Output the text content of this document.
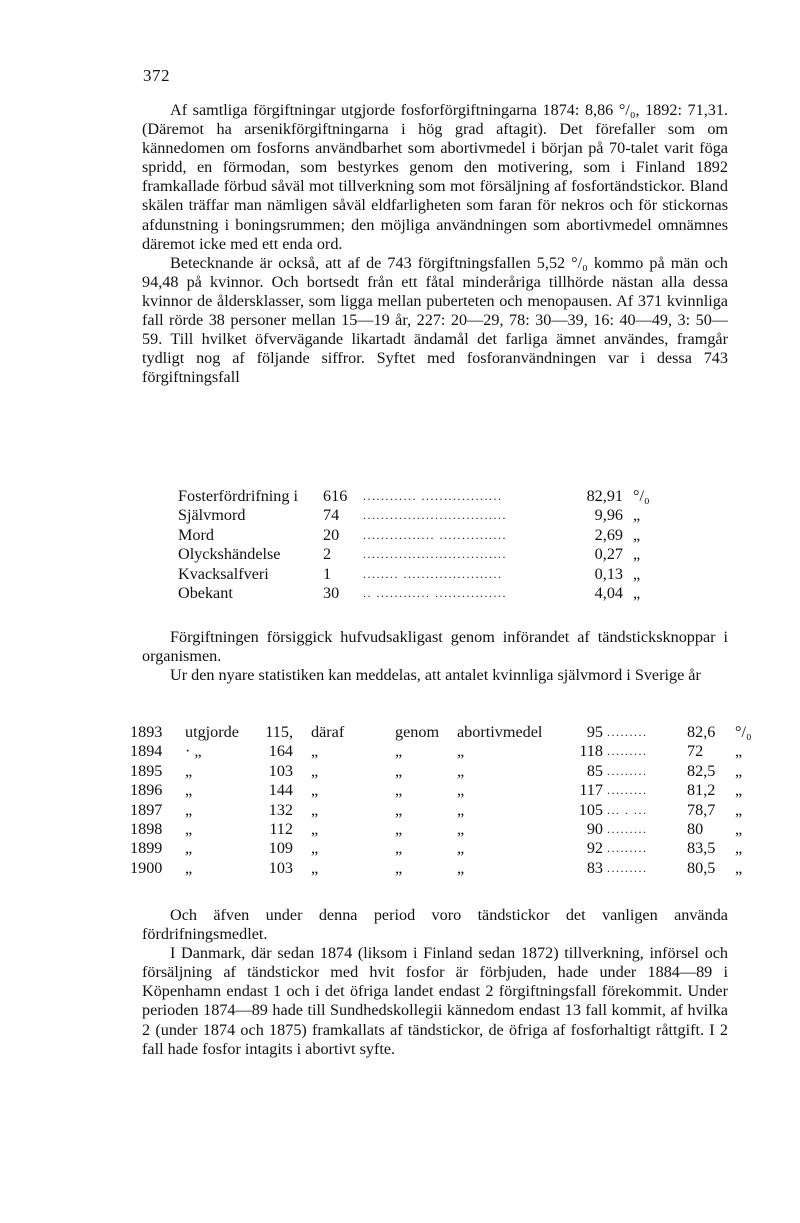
372

Af samtliga förgiftningar utgjorde fosforförgiftningarna 1874: 8,86 °/₀, 1892: 71,31. (Däremot ha arsenikförgiftningarna i hög grad aftagit). Det förefaller som om kännedomen om fosforns användbarhet som abortivmedel i början på 70-talet varit föga spridd, en förmodan, som bestyrkes genom den motivering, som i Finland 1892 framkallade förbud såväl mot tillverkning som mot försäljning af fosfortändstickor. Bland skälen träffar man nämligen såväl eldfarligheten som faran för nekros och för stickornas afdunstning i boningsrummen; den möjliga användningen som abortivmedel omnämnes däremot icke med ett enda ord.

Betecknande är också, att af de 743 förgiftningsfallen 5,52 °/₀ kommo på män och 94,48 på kvinnor. Och bortsedt från ett fåtal minderåriga tillhörde nästan alla dessa kvinnor de åldersklasser, som ligga mellan puberteten och menopausen. Af 371 kvinnliga fall rörde 38 personer mellan 15—19 år, 227: 20—29, 78: 30—39, 16: 40—49, 3: 50—59. Till hvilket öfvervägande likartadt ändamål det farliga ämnet användes, framgår tydligt nog af följande siffror. Syftet med fosforanvändningen var i dessa 743 förgiftningsfall

Fosterfördrifning i	616	............ ..................	82,91	°/₀
Självmord	74	................................	9,96	„
Mord	20	................ ...............	2,69	„
Olyckshändelse	2	................................	0,27	„
Kvacksalfveri	1	........ ......................	0,13	„
Obekant	30	.. ............ ................	4,04	„

Förgiftningen försiggick hufvudsakligast genom införandet af tändsticksknoppar i organismen.

Ur den nyare statistiken kan meddelas, att antalet kvinnliga självmord i Sverige år

1893	utgjorde	115,		däraf	genom	abortivmedel	95	.........	82,6	°/₀
1894	· „	164		„	„	„	118	.........	72	„
1895	„	103		„	„	„	85	.........	82,5	„
1896	„	144		„	„	„	117	.........	81,2	„
1897	„	132		„	„	„	105	... . ...	78,7	„
1898	„	112		„	„	„	90	.........	80	„
1899	„	109		„	„	„	92	.........	83,5	„
1900	„	103		„	„	„	83	.........	80,5	„

Och äfven under denna period voro tändstickor det vanligen använda fördrifningsmedlet.

I Danmark, där sedan 1874 (liksom i Finland sedan 1872) tillverkning, införsel och försäljning af tändstickor med hvit fosfor är förbjuden, hade under 1884—89 i Köpenhamn endast 1 och i det öfriga landet endast 2 förgiftningsfall förekommit. Under perioden 1874—89 hade till Sundhedskollegii kännedom endast 13 fall kommit, af hvilka 2 (under 1874 och 1875) framkallats af tändstickor, de öfriga af fosforhaltigt råttgift. I 2 fall hade fosfor intagits i abortivt syfte.
